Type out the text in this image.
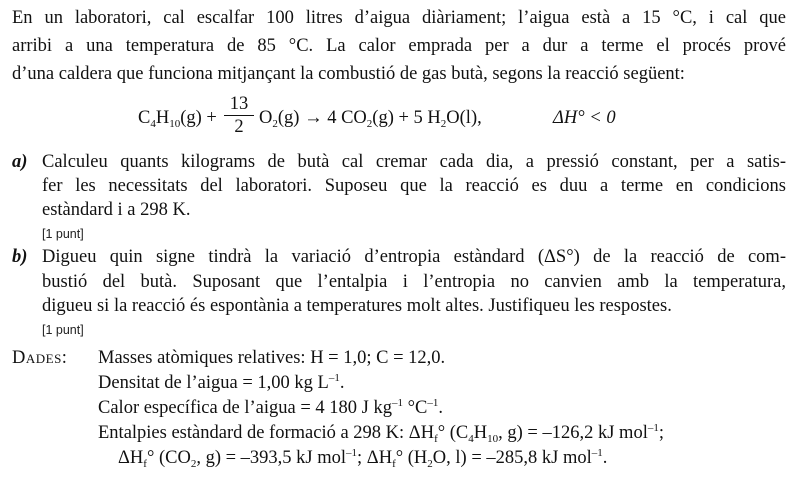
En un laboratori, cal escalfar 100 litres d’aigua diàriament; l’aigua està a 15 °C, i cal que
arribi a una temperatura de 85 °C. La calor emprada per a dur a terme el procés prové
d’una caldera que funciona mitjançant la combustió de gas butà, segons la reacció següent:
$C_4H_{10}(g) + \frac{13}{2} O_2(g) \to 4$ $CO_2(g) + 5$ $H_2O(l)$,	ΔH° < 0
a) Calculeu quants kilograms de butà cal cremar cada dia, a pressió constant, per a satis-
fer les necessitats del laboratori. Suposeu que la reacció es duu a terme en condicions
estàndard i a 298 K.
[1 punt]
b) Digueu quin signe tindrà la variació d’entropia estàndard (ΔS°) de la reacció de com-
bustió del butà. Suposant que l’entalpia i l’entropia no canvien amb la temperatura,
digueu si la reacció és espontània a temperatures molt altes. Justifiqueu les respostes.
[1 punt]
Dades: Masses atòmiques relatives: H = 1,0; C = 12,0.
Densitat de l’aigua = 1,00 kg $L^{-1}$.
Calor específica de l’aigua = 4 180 J $kg^{-1}$ $^\circ C^{-1}$.
Entalpies estàndard de formació a 298 K: $\Delta H_f^\circ$ ($C_4H_{10}$, g) = –126,2 kJ mol$^{-1}$;
$\Delta H_f^\circ$ ($CO_2$, g) = –393,5 kJ mol$^{-1}$; $\Delta H_f^\circ$ ($H_2O$, l) = –285,8 kJ mol$^{-1}$.
